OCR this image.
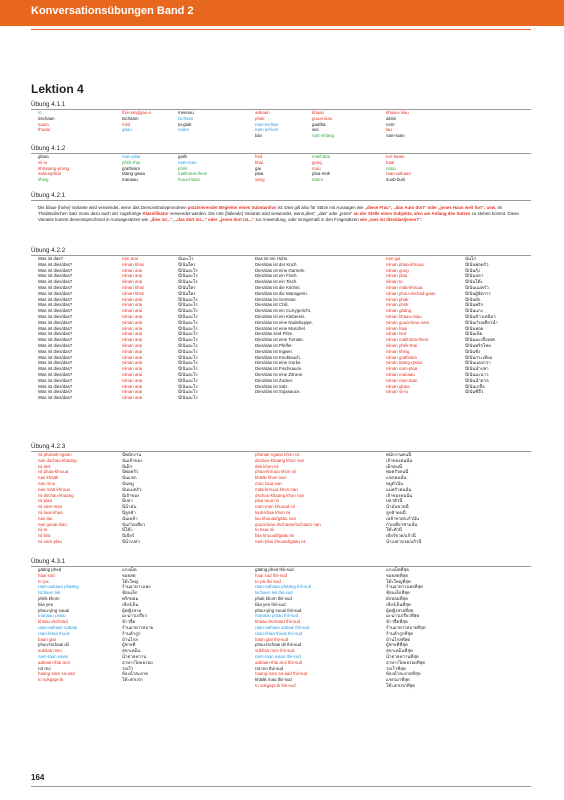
Konversationsübungen Band 2
Lektion 4
Übung 4.1.1
Übung 4.1.2
Übung 4.2.1
Übung 4.2.2
Übung 4.2.3
Übung 4.3.1
to
dschaan
saam
thuuai
thii-nang/gau-ii
tschaam
miid
gäau
meenuu
tschaen
ta-glab
naam
aahaan
phak
nam-tschaa
nam ad-lom
biia
khaau
guuai-tiiau
gaafää
wai
nam-khäng
khaau-niiau
aitiim
nom
lau
nam-taan
glüüa
sii-iu
khrüüang-prung
samunphrai
khing
nam-plaa
phrik-thai
grathiiam
täang-gwaa
manaau
gaihi
nam-man
phrik
makhüüa-theet
huua-haam
hed
khai
gai
plaa
sang
makhüüa
gung
muu
plaa-mük
düüm
ton-haam
haai
nüüa
raan-aahaan
suub-burii
Die blaue (hohe) Variante wird verwendet, wenn das Demonstrativpronomen präzisierender Begleiter eines Substantivs ist. Dies gilt also für Sätze mit Aussagen wie „diese Frau“, „das Auto dort“ oder „jenes Haus weit fort“, usw. Im Thailändischen Satz muss dazu auch der zugehörige Klassifikator verwendet werden. Die rote (fallende) Variante wird verwendet, wenn„dies“, „das“ oder „jenes“ an der Stelle eines Subjekts, also am Anfang des Satzes zu stehen kommt. Diese Variante kommt dementsprechend in Aussagesätzen wie „dies ist...“, „das dort ist...“ oder „jenes dort ist...“ zur Anwendung, oder sinngemäß in den Fragesätzen wie „was ist dies/das/jenes?“.
Was ist das?
Was ist dies/das?
Was ist dies/das?
Was ist dies/das?
Was ist dies/das?
Was ist dies/das?
Was ist dies/das?
Was ist dies/das?
Was ist dies/das?
Was ist dies/das?
Was ist dies/das?
Was ist dies/das?
Was ist dies/das?
Was ist dies/das?
Was ist dies/das?
Was ist dies/das?
Was ist dies/das?
Was ist dies/das?
Was ist dies/das?
Was ist dies/das?
Was ist dies/das?
Was ist dies/das?
Was ist dies/das?
Was ist dies/das?
Was ist dies/das?
nan arai
niinan khrai
niinan arai
niinan arai
niinan arai
niinan khrai
niinan khrai
niinan arai
niinan arai
niinan arai
niinan arai
niinan arai
niinan arai
niinan arai
niinan arai
niinan arai
niinan arai
niinan arai
niinan arai
niinan arai
niinan arai
niinan arai
niinan arai
niinan arai
niinan arai
นั่นอะไร
นี่/นั่นใคร
นี่/นั่นอะไร
นี่/นั่นอะไร
นี่/นั่นอะไร
นี่/นั่นใคร
นี่/นั่นใคร
นี่/นั่นอะไร
นี่/นั่นอะไร
นี่/นั่นอะไร
นี่/นั่นอะไร
นี่/นั่นอะไร
นี่/นั่นอะไร
นี่/นั่นอะไร
นี่/นั่นอะไร
นี่/นั่นอะไร
นี่/นั่นอะไร
นี่/นั่นอะไร
นี่/นั่นอะไร
นี่/นั่นอะไร
นี่/นั่นอะไร
นี่/นั่นอะไร
นี่/นั่นอะไร
นี่/นั่นอะไร
นี่/นั่นอะไร
Das ist ein Huhn.
Dies/das ist der Koch.
Dies/das ist eine Garnele.
Dies/das ist ein Fisch.
Dies/das ist ein Tisch.
Dies/das ist die Köchin.
Dies/das ist die Managerin.
Dies/das ist Gemüse.
Dies/das ist Chili.
Dies/das ist ein Currygericht.
Dies/das ist ein Klebereis.
Dies/das ist eine Nudelsuppe.
Dies/das ist eine Muschel.
Dies/das sind Pilze.
Dies/das ist eine Tomate.
Dies/das ist Pfeffer.
Dies/das ist Ingwer.
Dies/das ist Knoblauch.
Dies/das ist eine Gurke.
Dies/das ist Fischsauce.
Dies/das ist eine Zitrone.
Dies/das ist Zucker.
Dies/das ist Salz.
Dies/das ist Sojasauce.
nan gai
niinan phaa-khruua
niinan gung
niinan plaa
niinan to
niinan mää-khruua
niinan phuu-dschad-gaan
niinan phak
niinan phrik
niinan gääng
niinan khaau-niiau
niinan guuai-tiiau-nam
niinan haai
niinan hed
niinan makhüüa-theet
niinan phrik-thai
niinan khing
niinan grathiiam
niinan täang-gwaa
niinan nam-plaa
niinan manaau
niinan nam-taan
niinan glüüa
niinan sii-iu
นั่นไก่
นี่/นั่นพ่อครัว
นี่/นั่นกุ้ง
นี่/นั่นปลา
นี่/นั่นโต๊ะ
นี่/นั่นแม่ครัว
นี่/นั่นผู้จัดการ
นี่/นั่นผัก
นี่/นั่นพริก
นี่/นั่นแกง
นี่/นั่นข้าวเหนียว
นี่/นั่นก๋วยเตี๋ยวน้ำ
นี่/นั่นหอย
นี่/นั่นเห็ด
นี่/นั่นมะเขือเทศ
นี่/นั่นพริกไทย
นี่/นั่นขิง
นี่/นั่นกระเทียม
นี่/นั่นแตงกวา
นี่/นั่นน้ำปลา
นี่/นั่นมะนาว
นี่/นั่นน้ำตาล
นี่/นั่นเกลือ
นี่/นั่นซีอิ๊ว
nii phanak-ngaan
nan dschau-khaang
nii dek
nii phaa-khruua
nan khääk
nan muu
nan mää-khruua
nii dschau-khaang
nii plaa
nii nam-man
nii luuk-khaa
nan lau
nan guuai-tiiau
nii to
nii biia
nii nam-plau
นี่พนักงาน
นั่นเจ้าของ
นี่เด็ก
นี่พ่อครัว
นั่นแขก
นั่นหมู
นั่นแม่ครัว
นี่เจ้าของ
นี่ปลา
นี่น้ำมัน
นี่ลูกค้า
นั่นเหล้า
นั่นก๋วยเตี๋ยว
นี่โต๊ะ
นี่เบียร์
นี่น้ำเปล่า
phanak-ngaan khon nii
dschau-khaang khon nan
dek khon nii
phaa-khruua khon nii
khääk khon nan
muu tuua nan
mää-khruua khon nan
dschau-khaang khon nan
plaa tuua nii
nam-man khuuad nii
luuk-khaa khon nii
lau khuuad/gääu nan
guuai-tiiau dschaam/tschaam nan
to tuua nii
biia khuuad/gääu nii
nam-plau khuuad/gääu nii
พนักงานคนนี้
เจ้าของคนนั้น
เด็กคนนี้
พ่อครัวคนนี้
แขกคนนั้น
หมูตัวนั้น
แม่ครัวคนนั้น
เจ้าของคนนั้น
ปลาตัวนี้
น้ำมันขวดนี้
ลูกค้าคนนี้
เหล้าขวด/แก้วนั้น
ก๋วยเตี๋ยวชามนั้น
โต๊ะตัวนี้
เบียร์ขวด/แก้วนี้
น้ำเปล่าขวด/แก้วนี้
gääng phed
haai sod
to yai
raan-aahaan phääng
tschaen lek
phrik khom
biia yen
phuu-ying suuai
manaau priiau
khaau dschüüd
raan-aahaan sabaai
raan-khaa thuuk
baan glai
phuu-tschaai dii
sukhaa men
nam-taan waan
aahaan-thai aroi
rot reo
haang-nam sa-aad
to sokgaprok
แกงเผ็ด
หอยสด
โต๊ะใหญ่
ร้านอาหารแพง
ช้อนเล็ก
พริกหอม
เบียร์เย็น
ผู้หญิงสวย
มะนาวเปรี้ยว
ข้าวจืด
ร้านอาหารสบาย
ร้านค้าถูก
บ้านไกล
ผู้ชายดี
สุขาเหม็น
น้ำตาลหวาน
อาหารไทยอร่อย
รถเร็ว
ห้องน้ำสะอาด
โต๊ะสกปรก
gääng phed thii-sud
haai sod thii-sud
to yai thii-sud
raan-aahaan phääng thii-sud
tschaen lek thii-sud
phak khom thii-sud
biia yen thii-sud
phuu-ying suuai thii-sud
manaau priiau thii-sud
khaau dschüüd thii-sud
raan-aahaan sabaai thii-sud
raan-khaa thuuk thii-sud
baan glai thii-sud
phuu-tschaai dii thii-sud
sukhaa men thii-sud
nam-taan waan thii-sud
aahaan-thai aroi thii-sud
rot reo thii-sud
haang-nam sa-aad thii-sud
khääk mau thii-sud
to sokgaprok thii-sud
แกงเผ็ดที่สุด
หอยสดที่สุด
โต๊ะใหญ่ที่สุด
ร้านอาหารแพงที่สุด
ช้อนเล็กที่สุด
ผักหอมที่สุด
เบียร์เย็นที่สุด
ผู้หญิงสวยที่สุด
มะนาวเปรี้ยวที่สุด
ข้าวจืดที่สุด
ร้านอาหารสบายที่สุด
ร้านค้าถูกที่สุด
บ้านไกลที่สุด
ผู้ชายดีที่สุด
สุขาเหม็นที่สุด
น้ำตาลหวานที่สุด
อาหารไทยอร่อยที่สุด
รถเร็วที่สุด
ห้องน้ำสะอาดที่สุด
แขกเมาที่สุด
โต๊ะสกปรกที่สุด
164
